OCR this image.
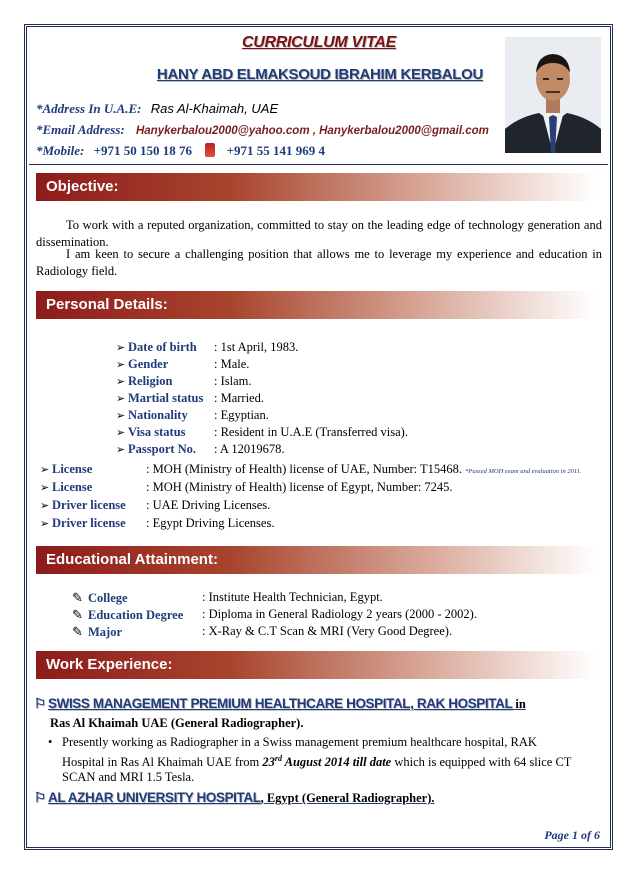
CURRICULUM VITAE
HANY ABD ELMAKSOUD IBRAHIM KERBALOU
*Address In U.A.E: Ras Al-Khaimah, UAE
*Email Address: Hanykerbalou2000@yahoo.com , Hanykerbalou2000@gmail.com
*Mobile: +971 50 150 18 76	+971 55 141 969 4
Objective:
To work with a reputed organization, committed to stay on the leading edge of technology generation and dissemination.
I am keen to secure a challenging position that allows me to leverage my experience and education in Radiology field.
Personal Details:
➢ Date of birth : 1st April, 1983.
➢ Gender	: Male.
➢ Religion	: Islam.
➢ Martial status : Married.
➢ Nationality : Egyptian.
➢ Visa status : Resident in U.A.E (Transferred visa).
➢ Passport No. : A 12019678.
➢ License	: MOH (Ministry of Health) license of UAE, Number: T15468. *Passed MOH exam and evaluation in 2011.
➢ License	: MOH (Ministry of Health) license of Egypt, Number: 7245.
➢ Driver license : UAE Driving Licenses.
➢ Driver license : Egypt Driving Licenses.
Educational Attainment:
✎ College	: Institute Health Technician, Egypt.
✎ Education Degree : Diploma in General Radiology 2 years (2000 - 2002).
✎ Major	: X-Ray & C.T Scan & MRI (Very Good Degree).
Work Experience:
⚐ SWISS MANAGEMENT PREMIUM HEALTHCARE HOSPITAL, RAK HOSPITAL in
Ras Al Khaimah UAE (General Radiographer).
• Presently working as Radiographer in a Swiss management premium healthcare hospital, RAK Hospital in Ras Al Khaimah UAE from 23rd August 2014 till date which is equipped with 64 slice CT SCAN and MRI 1.5 Tesla.
⚐ AL AZHAR UNIVERSITY HOSPITAL, Egypt (General Radiographer).
Page 1 of 6
